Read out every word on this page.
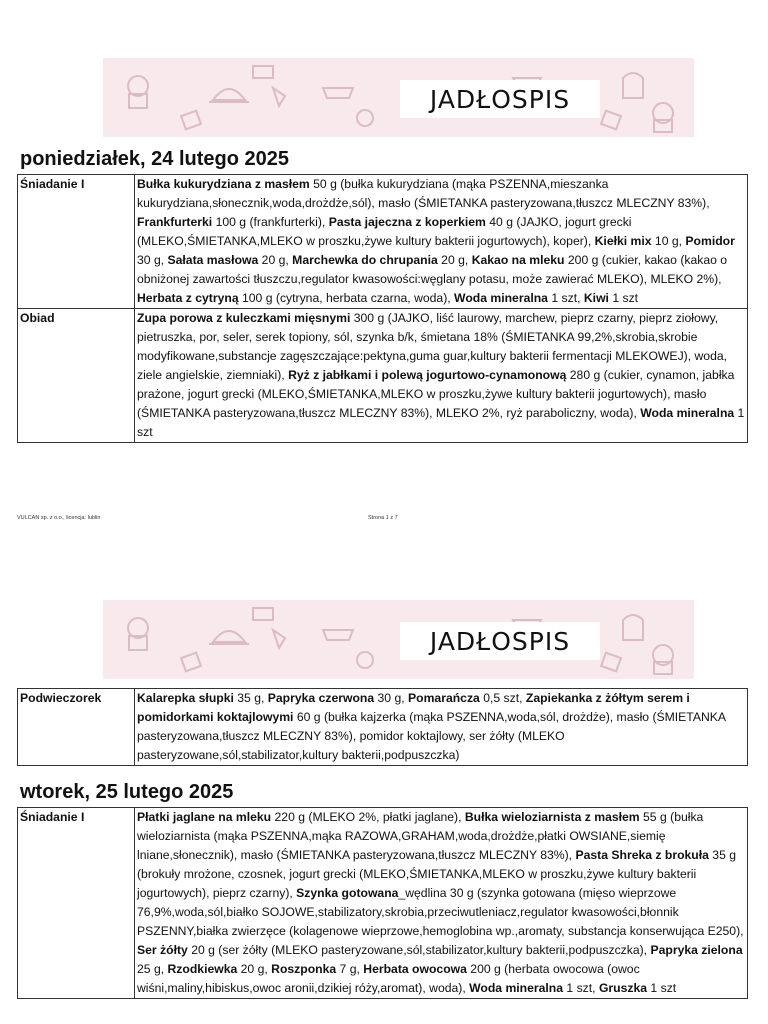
JADŁOSPIS
poniedziałek, 24 lutego 2025
Śniadanie I	Bułka kukurydziana z masłem 50 g (bułka kukurydziana (mąka PSZENNA,mieszanka kukurydziana,słonecznik,woda,drożdże,sól), masło (ŚMIETANKA pasteryzowana,tłuszcz MLECZNY 83%), Frankfurterki 100 g (frankfurterki), Pasta jajeczna z koperkiem 40 g (JAJKO, jogurt grecki (MLEKO,ŚMIETANKA,MLEKO w proszku,żywe kultury bakterii jogurtowych), koper), Kiełki mix 10 g, Pomidor 30 g, Sałata masłowa 20 g, Marchewka do chrupania 20 g, Kakao na mleku 200 g (cukier, kakao (kakao o obniżonej zawartości tłuszczu,regulator kwasowości:węglany potasu, może zawierać MLEKO), MLEKO 2%), Herbata z cytryną 100 g (cytryna, herbata czarna, woda), Woda mineralna 1 szt, Kiwi 1 szt
Obiad	Zupa porowa z kuleczkami mięsnymi 300 g (JAJKO, liść laurowy, marchew, pieprz czarny, pieprz ziołowy, pietruszka, por, seler, serek topiony, sól, szynka b/k, śmietana 18% (ŚMIETANKA 99,2%,skrobia,skrobie modyfikowane,substancje zagęszczające:pektyna,guma guar,kultury bakterii fermentacji MLEKOWEJ), woda, ziele angielskie, ziemniaki), Ryż z jabłkami i polewą jogurtowo-cynamonową 280 g (cukier, cynamon, jabłka prażone, jogurt grecki (MLEKO,ŚMIETANKA,MLEKO w proszku,żywe kultury bakterii jogurtowych), masło (ŚMIETANKA pasteryzowana,tłuszcz MLECZNY 83%), MLEKO 2%, ryż paraboliczny, woda), Woda mineralna 1 szt
VULCAN sp. z o.o., licencja: lublin	Strona 1 z 7
JADŁOSPIS
Podwieczorek	Kalarepka słupki 35 g, Papryka czerwona 30 g, Pomarańcza 0,5 szt, Zapiekanka z żółtym serem i pomidorkami koktajlowymi 60 g (bułka kajzerka (mąka PSZENNA,woda,sól, drożdże), masło (ŚMIETANKA pasteryzowana,tłuszcz MLECZNY 83%), pomidor koktajlowy, ser żółty (MLEKO pasteryzowane,sól,stabilizator,kultury bakterii,podpuszczka)
wtorek, 25 lutego 2025
Śniadanie I	Płatki jaglane na mleku 220 g (MLEKO 2%, płatki jaglane), Bułka wieloziarnista z masłem 55 g (bułka wieloziarnista (mąka PSZENNA,mąka RAZOWA,GRAHAM,woda,drożdże,płatki OWSIANE,siemię lniane,słonecznik), masło (ŚMIETANKA pasteryzowana,tłuszcz MLECZNY 83%), Pasta Shreka z brokuła 35 g (brokuły mrożone, czosnek, jogurt grecki (MLEKO,ŚMIETANKA,MLEKO w proszku,żywe kultury bakterii jogurtowych), pieprz czarny), Szynka gotowana_wędlina 30 g (szynka gotowana (mięso wieprzowe 76,9%,woda,sól,białko SOJOWE,stabilizatory,skrobia,przeciwutleniacz,regulator kwasowości,błonnik PSZENNY,białka zwierzęce (kolagenowe wieprzowe,hemoglobina wp.,aromaty, substancja konserwująca E250), Ser żółty 20 g (ser żółty (MLEKO pasteryzowane,sól,stabilizator,kultury bakterii,podpuszczka), Papryka zielona 25 g, Rzodkiewka 20 g, Roszponka 7 g, Herbata owocowa 200 g (herbata owocowa (owoc wiśni,maliny,hibiskus,owoc aronii,dzikiej róży,aromat), woda), Woda mineralna 1 szt, Gruszka 1 szt
